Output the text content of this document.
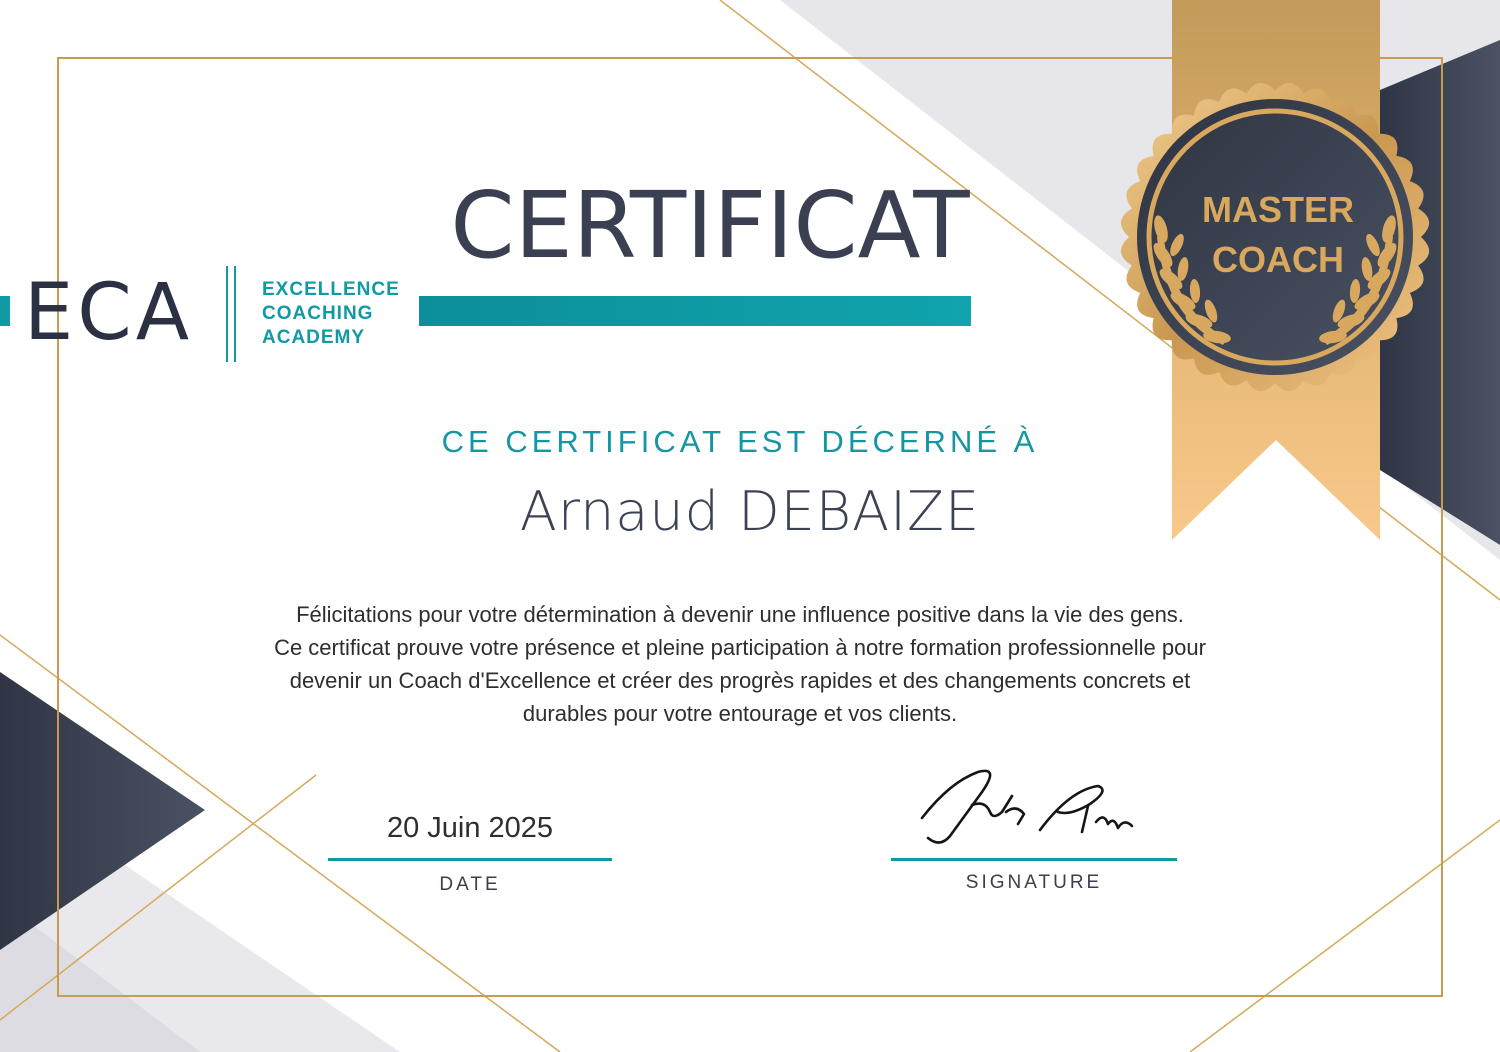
ECA	EXCELLENCE
COACHING
ACADEMY
CERTIFICAT
CE CERTIFICAT EST DÉCERNÉ À
Arnaud DEBAIZE
Félicitations pour votre détermination à devenir une influence positive dans la vie des gens.
Ce certificat prouve votre présence et pleine participation à notre formation professionnelle pour
devenir un Coach d'Excellence et créer des progrès rapides et des changements concrets et
durables pour votre entourage et vos clients.
20 Juin 2025
DATE	SIGNATURE
MASTER
COACH
